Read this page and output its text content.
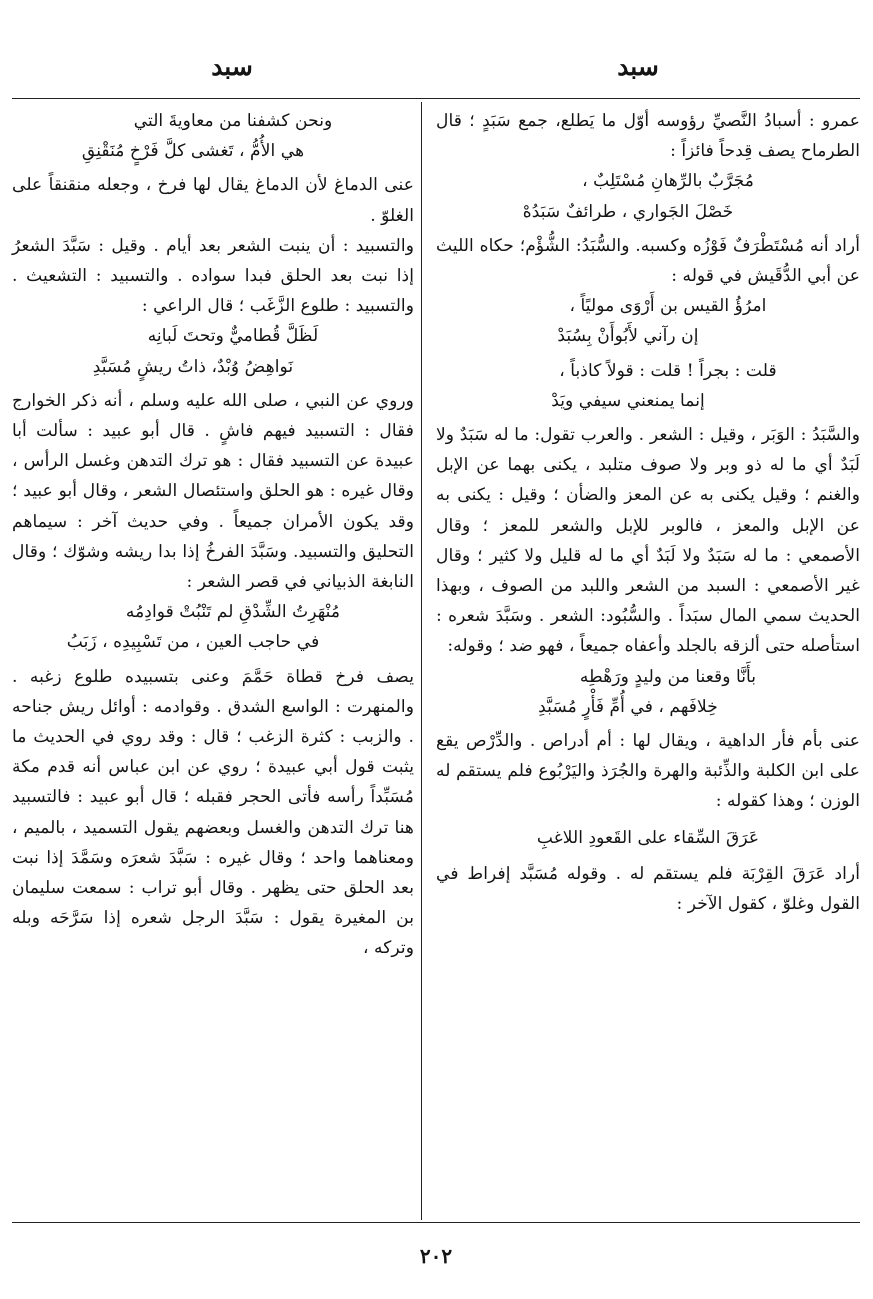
سبد	سبد

عمرو : أسبادُ النَّصيِّ رؤوسه أوّل ما يَطلع، جمع سَبَدٍ ؛ قال الطرماح يصف قِدحاً فائزاً :

مُجَرَّبٌ بالرِّهانِ مُسْتَلِبٌ ،
خَصْلَ الجَواري ، طرائفٌ سَبَدُهْ

أراد أنه مُسْتَطْرَفٌ فَوْزُه وكسبه. والسُّبَدُ: الشُّؤْم؛ حكاه الليث عن أبي الدُّقَيش في قوله :

امرُؤُ القيس بن أَرْوَى موليًاً ،
إن رآني لأَبُوأَنْ بِسُبَدْ
قلت : بجراً ! قلت : قولاً كاذباً ،
إنما يمنعني سيفي ويَدْ

والسَّبَدُ : الوَبَر ، وقيل : الشعر . والعرب تقول: ما له سَبَدٌ ولا لَبَدٌ أي ما له ذو وبر ولا صوف متلبد ، يكنى بهما عن الإبل والغنم ؛ وقيل يكنى به عن المعز والضأن ؛ وقيل : يكنى به عن الإبل والمعز ، فالوبر للإبل والشعر للمعز ؛ وقال الأصمعي : ما له سَبَدٌ ولا لَبَدٌ أي ما له قليل ولا كثير ؛ وقال غير الأصمعي : السبد من الشعر واللبد من الصوف ، وبهذا الحديث سمي المال سبَداً . والسُّبُود: الشعر . وسَبَّدَ شعره : استأصله حتى ألزقه بالجلد وأعفاه جميعاً ، فهو ضد ؛ وقوله:

بأَنَّا وقعنا من وليدٍ ورَهْطِه
خِلافَهم ، في أُمِّ فَأْرٍ مُسَبَّدِ

عنى بأم فأر الداهية ، ويقال لها : أم أدراص . والدِّرْص يقع على ابن الكلبة والذِّئبة والهرة والجُرَذ واليَرْبُوع فلم يستقم له الوزن ؛ وهذا كقوله :

عَرَقَ السِّقاء على القَعودِ اللاغبِ

أراد عَرَقَ القِرْبَة فلم يستقم له . وقوله مُسَبَّد إفراط في القول وغلوّ ، كقول الآخر :

ونحن كشفنا من معاويةَ التي
هي الأُمُّ ، تَغشى كلَّ فَرْخٍ مُنَقْنِقِ

عنى الدماغ لأن الدماغ يقال لها فرخ ، وجعله منقنقاً على الغلوّ .

والتسبيد : أن ينبت الشعر بعد أيام . وقيل : سَبَّدَ الشعرُ إذا نبت بعد الحلق فبدا سواده . والتسبيد : التشعيث . والتسبيد : طلوع الزَّغَب ؛ قال الراعي :

لَظَلَّ قُطاميٌّ وتحتَ لَبانِه
نَواهِضُ وُبْدٌ، ذاتُ ريشٍ مُسَبَّدِ

وروي عن النبي ، صلى الله عليه وسلم ، أنه ذكر الخوارج فقال : التسبيد فيهم فاشٍ . قال أبو عبيد : سألت أبا عبيدة عن التسبيد فقال : هو ترك التدهن وغسل الرأس ، وقال غيره : هو الحلق واستئصال الشعر ، وقال أبو عبيد ؛ وقد يكون الأمران جميعاً . وفي حديث آخر : سيماهم التحليق والتسبيد. وسَبَّدَ الفرخُ إذا بدا ريشه وشوّك ؛ وقال النابغة الذبياني في قصر الشعر :

مُنْهَرِتُ الشِّدْقِ لم تَنْبُتْ قوادِمُه
في حاجب العين ، من تَسْبِيدِه ، زَبَبُ

يصف فرخ قطاة حَمَّمَ وعنى بتسبيده طلوع زغبه . والمنهرت : الواسع الشدق . وقوادمه : أوائل ريش جناحه . والزبب : كثرة الزغب ؛ قال : وقد روي في الحديث ما يثبت قول أبي عبيدة ؛ روي عن ابن عباس أنه قدم مكة مُسَبِّداً رأسه فأتى الحجر فقبله ؛ قال أبو عبيد : فالتسبيد هنا ترك التدهن والغسل وبعضهم يقول التسميد ، بالميم ، ومعناهما واحد ؛ وقال غيره : سَبَّدَ شعرَه وسَمَّدَ إذا نبت بعد الحلق حتى يظهر . وقال أبو تراب : سمعت سليمان بن المغيرة يقول : سَبَّدَ الرجل شعره إذا سَرَّحَه وبله وتركه ،

٢٠٢
